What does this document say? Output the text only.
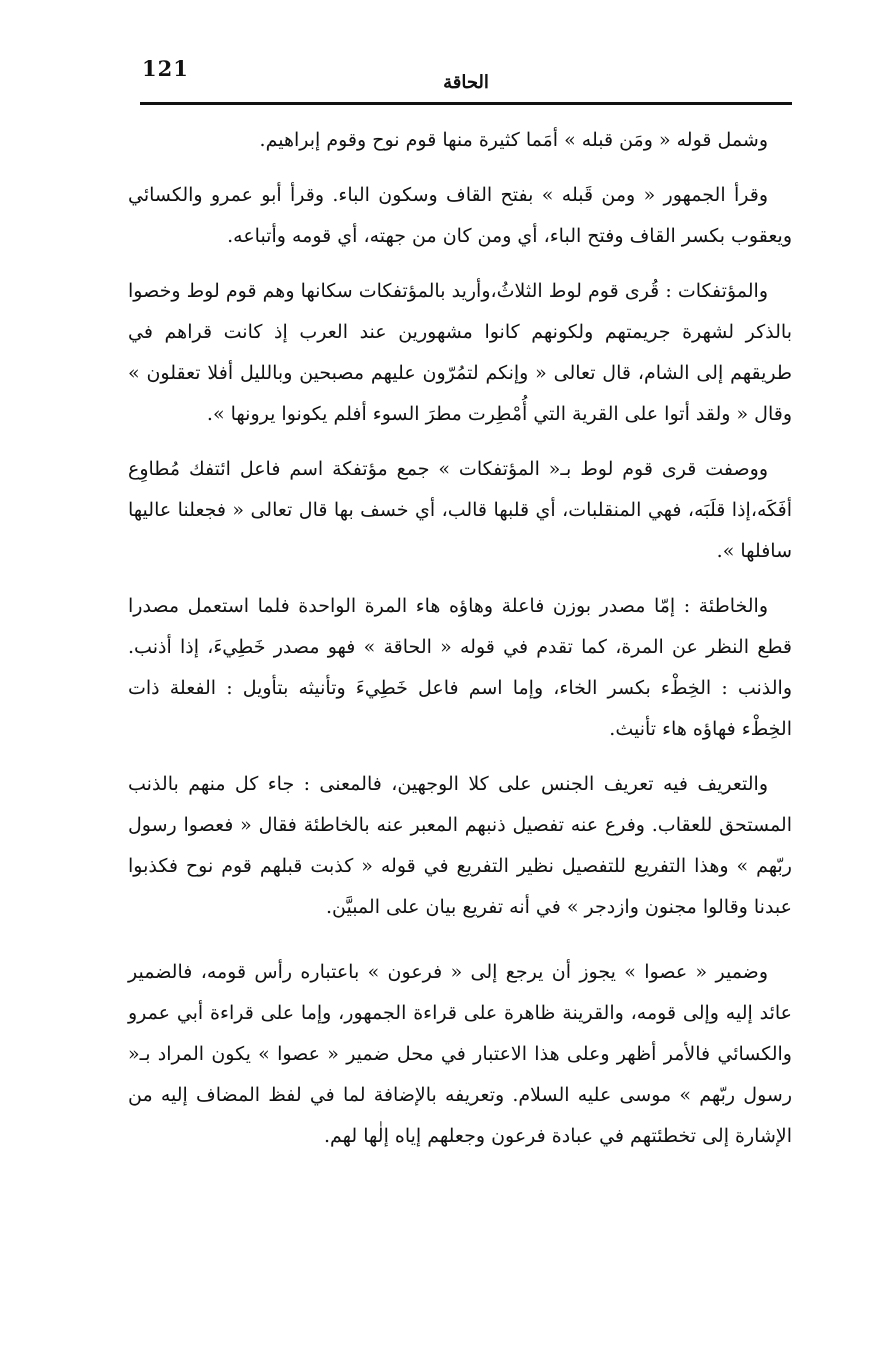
121
الحاقة

وشمل قوله « ومَن قبله » أمَما كثيرة منها قوم نوح وقوم إبراهيم.

وقرأ الجمهور « ومن قَبله » بفتح القاف وسكون الباء. وقرأ أبو عمرو والكسائي ويعقوب بكسر القاف وفتح الباء، أي ومن كان من جهته، أي قومه وأتباعه.

والمؤتفكات : قُرى قوم لوط الثلاثُ،وأريد بالمؤتفكات سكانها وهم قوم لوط وخصوا بالذكر لشهرة جريمتهم ولكونهم كانوا مشهورين عند العرب إذ كانت قراهم في طريقهم إلى الشام، قال تعالى « وإنكم لتمُرّون عليهم مصبحين وبالليل أفلا تعقلون » وقال « ولقد أتوا على القرية التي أُمْطِرت مطرَ السوء أفلم يكونوا يرونها ».

ووصفت قرى قوم لوط بـ« المؤتفكات » جمع مؤتفكة اسم فاعل ائتفك مُطاوِع أفَكَه،إذا قلَبَه، فهي المنقلبات، أي قلبها قالب، أي خسف بها قال تعالى « فجعلنا عاليها سافلها ».

والخاطئة : إمّا مصدر بوزن فاعلة وهاؤه هاء المرة الواحدة فلما استعمل مصدرا قطع النظر عن المرة، كما تقدم في قوله « الحاقة » فهو مصدر خَطِيءَ، إذا أذنب. والذنب : الخِطْء بكسر الخاء، وإما اسم فاعل خَطِيءَ وتأنيثه بتأويل : الفعلة ذات الخِطْء فهاؤه هاء تأنيث.

والتعريف فيه تعريف الجنس على كلا الوجهين، فالمعنى : جاء كل منهم بالذنب المستحق للعقاب. وفرع عنه تفصيل ذنبهم المعبر عنه بالخاطئة فقال « فعصوا رسول ربّهم » وهذا التفريع للتفصيل نظير التفريع في قوله « كذبت قبلهم قوم نوح فكذبوا عبدنا وقالوا مجنون وازدجر » في أنه تفريع بيان على المبيَّن.

وضمير « عصوا » يجوز أن يرجع إلى « فرعون » باعتباره رأس قومه، فالضمير عائد إليه وإلى قومه، والقرينة ظاهرة على قراءة الجمهور، وإما على قراءة أبي عمرو والكسائي فالأمر أظهر وعلى هذا الاعتبار في محل ضمير « عصوا » يكون المراد بـ« رسول ربّهم » موسى عليه السلام. وتعريفه بالإضافة لما في لفظ المضاف إليه من الإشارة إلى تخطئتهم في عبادة فرعون وجعلهم إياه إلٰها لهم.
